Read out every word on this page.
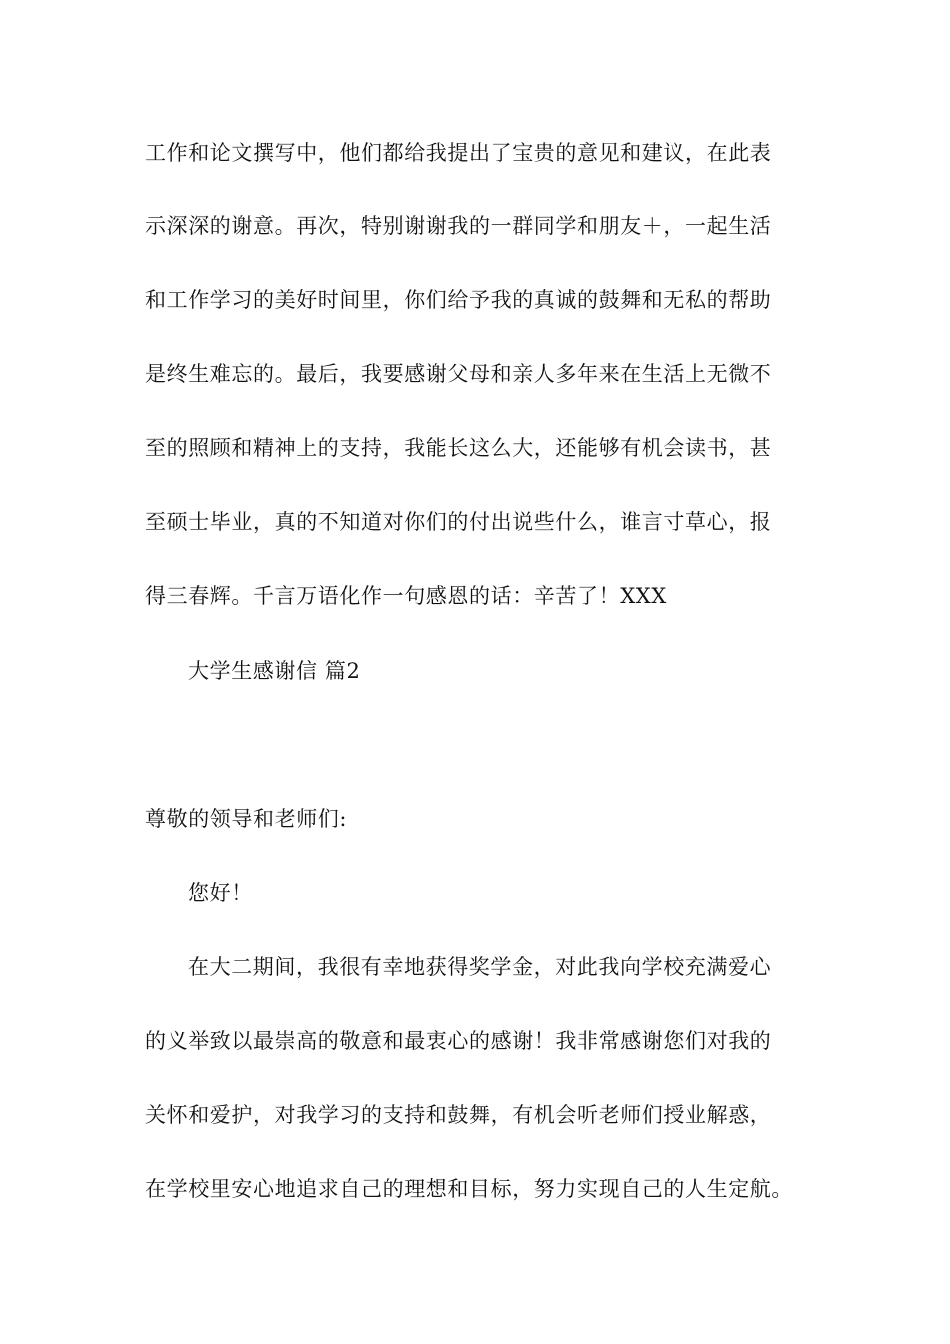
工作和论文撰写中，他们都给我提出了宝贵的意见和建议，在此表
示深深的谢意。再次，特别谢谢我的一群同学和朋友＋，一起生活
和工作学习的美好时间里，你们给予我的真诚的鼓舞和无私的帮助
是终生难忘的。最后，我要感谢父母和亲人多年来在生活上无微不
至的照顾和精神上的支持，我能长这么大，还能够有机会读书，甚
至硕士毕业，真的不知道对你们的付出说些什么，谁言寸草心，报
得三春辉。千言万语化作一句感恩的话：辛苦了！XXX
大学生感谢信 篇2
尊敬的领导和老师们:
您好！
在大二期间，我很有幸地获得奖学金，对此我向学校充满爱心
的义举致以最崇高的敬意和最衷心的感谢！我非常感谢您们对我的
关怀和爱护，对我学习的支持和鼓舞，有机会听老师们授业解惑，
在学校里安心地追求自己的理想和目标，努力实现自己的人生定航。
